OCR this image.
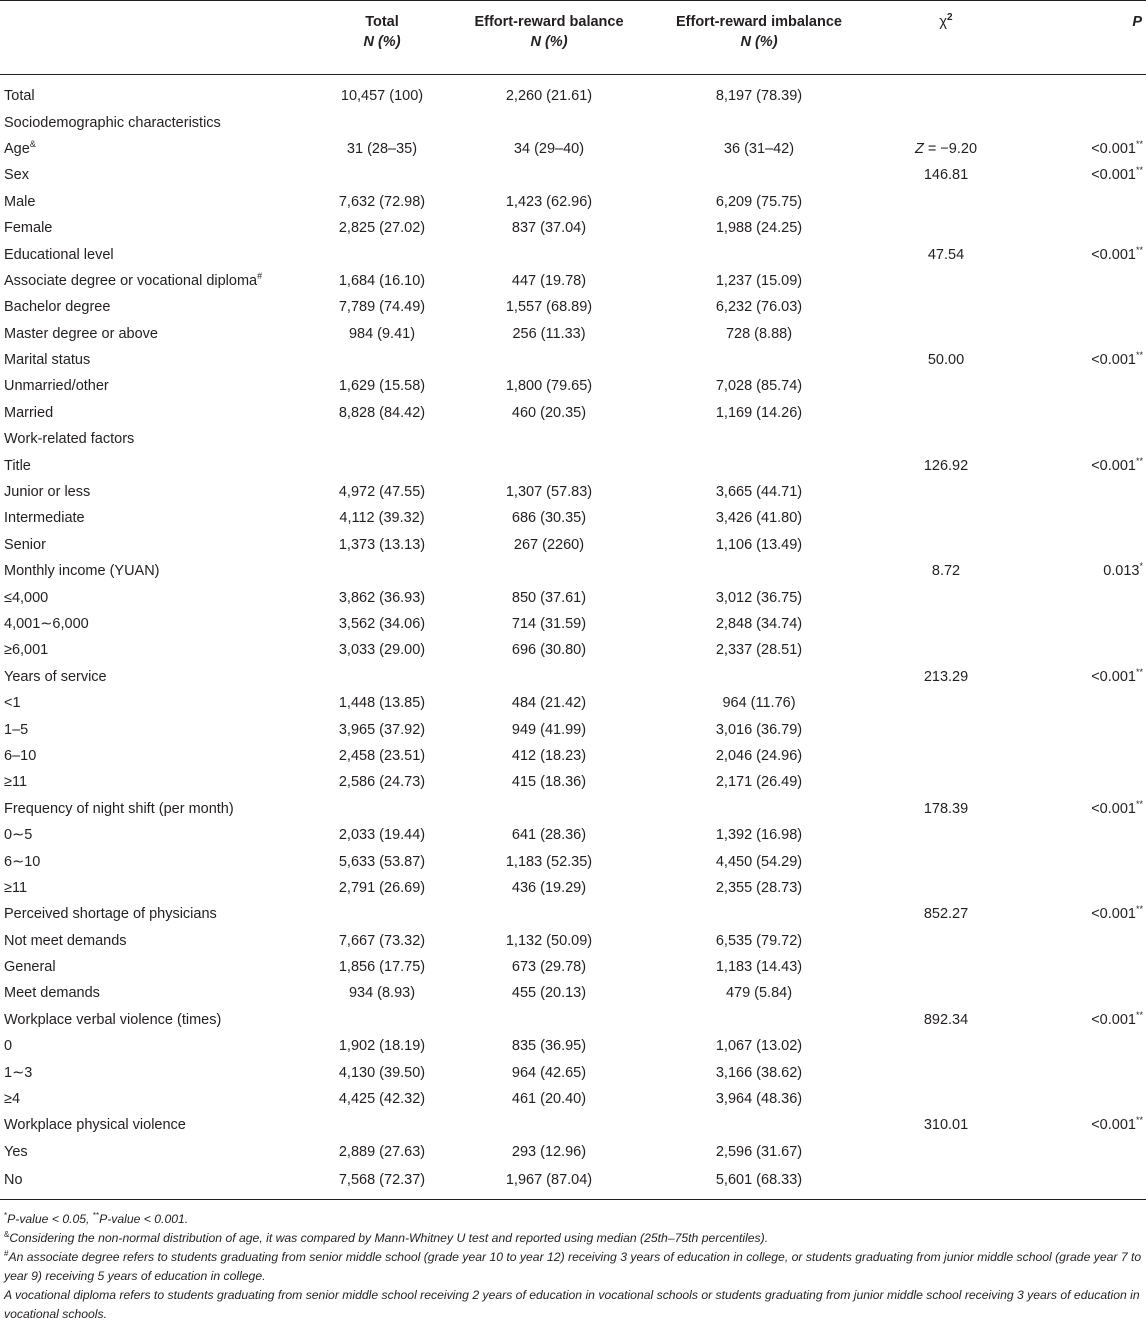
	Total	Effort-reward balance	Effort-reward imbalance	$\chi^2$	P
	N (%)	N (%)	N (%)		
Total	10,457 (100)	2,260 (21.61)	8,197 (78.39)		
Sociodemographic characteristics					
Age&	31 (28–35)	34 (29–40)	36 (31–42)	Z = −9.20	<0.001**
Sex				146.81	<0.001**
Male	7,632 (72.98)	1,423 (62.96)	6,209 (75.75)		
Female	2,825 (27.02)	837 (37.04)	1,988 (24.25)		
Educational level				47.54	<0.001**
Associate degree or vocational diploma#	1,684 (16.10)	447 (19.78)	1,237 (15.09)		
Bachelor degree	7,789 (74.49)	1,557 (68.89)	6,232 (76.03)		
Master degree or above	984 (9.41)	256 (11.33)	728 (8.88)		
Marital status				50.00	<0.001**
Unmarried/other	1,629 (15.58)	1,800 (79.65)	7,028 (85.74)		
Married	8,828 (84.42)	460 (20.35)	1,169 (14.26)		
Work-related factors					
Title				126.92	<0.001**
Junior or less	4,972 (47.55)	1,307 (57.83)	3,665 (44.71)		
Intermediate	4,112 (39.32)	686 (30.35)	3,426 (41.80)		
Senior	1,373 (13.13)	267 (2260)	1,106 (13.49)		
Monthly income (YUAN)				8.72	0.013*
≤4,000	3,862 (36.93)	850 (37.61)	3,012 (36.75)		
4,001∼6,000	3,562 (34.06)	714 (31.59)	2,848 (34.74)		
≥6,001	3,033 (29.00)	696 (30.80)	2,337 (28.51)		
Years of service				213.29	<0.001**
<1	1,448 (13.85)	484 (21.42)	964 (11.76)		
1–5	3,965 (37.92)	949 (41.99)	3,016 (36.79)		
6–10	2,458 (23.51)	412 (18.23)	2,046 (24.96)		
≥11	2,586 (24.73)	415 (18.36)	2,171 (26.49)		
Frequency of night shift (per month)				178.39	<0.001**
0∼5	2,033 (19.44)	641 (28.36)	1,392 (16.98)		
6∼10	5,633 (53.87)	1,183 (52.35)	4,450 (54.29)		
≥11	2,791 (26.69)	436 (19.29)	2,355 (28.73)		
Perceived shortage of physicians				852.27	<0.001**
Not meet demands	7,667 (73.32)	1,132 (50.09)	6,535 (79.72)		
General	1,856 (17.75)	673 (29.78)	1,183 (14.43)		
Meet demands	934 (8.93)	455 (20.13)	479 (5.84)		
Workplace verbal violence (times)				892.34	<0.001**
0	1,902 (18.19)	835 (36.95)	1,067 (13.02)		
1∼3	4,130 (39.50)	964 (42.65)	3,166 (38.62)		
≥4	4,425 (42.32)	461 (20.40)	3,964 (48.36)		
Workplace physical violence				310.01	<0.001**
Yes	2,889 (27.63)	293 (12.96)	2,596 (31.67)		
No	7,568 (72.37)	1,967 (87.04)	5,601 (68.33)		

*P-value < 0.05, **P-value < 0.001.

&Considering the non-normal distribution of age, it was compared by Mann-Whitney U test and reported using median (25th–75th percentiles).

#An associate degree refers to students graduating from senior middle school (grade year 10 to year 12) receiving 3 years of education in college, or students graduating from junior middle school (grade year 7 to year 9) receiving 5 years of education in college.

A vocational diploma refers to students graduating from senior middle school receiving 2 years of education in vocational schools or students graduating from junior middle school receiving 3 years of education in vocational schools.
